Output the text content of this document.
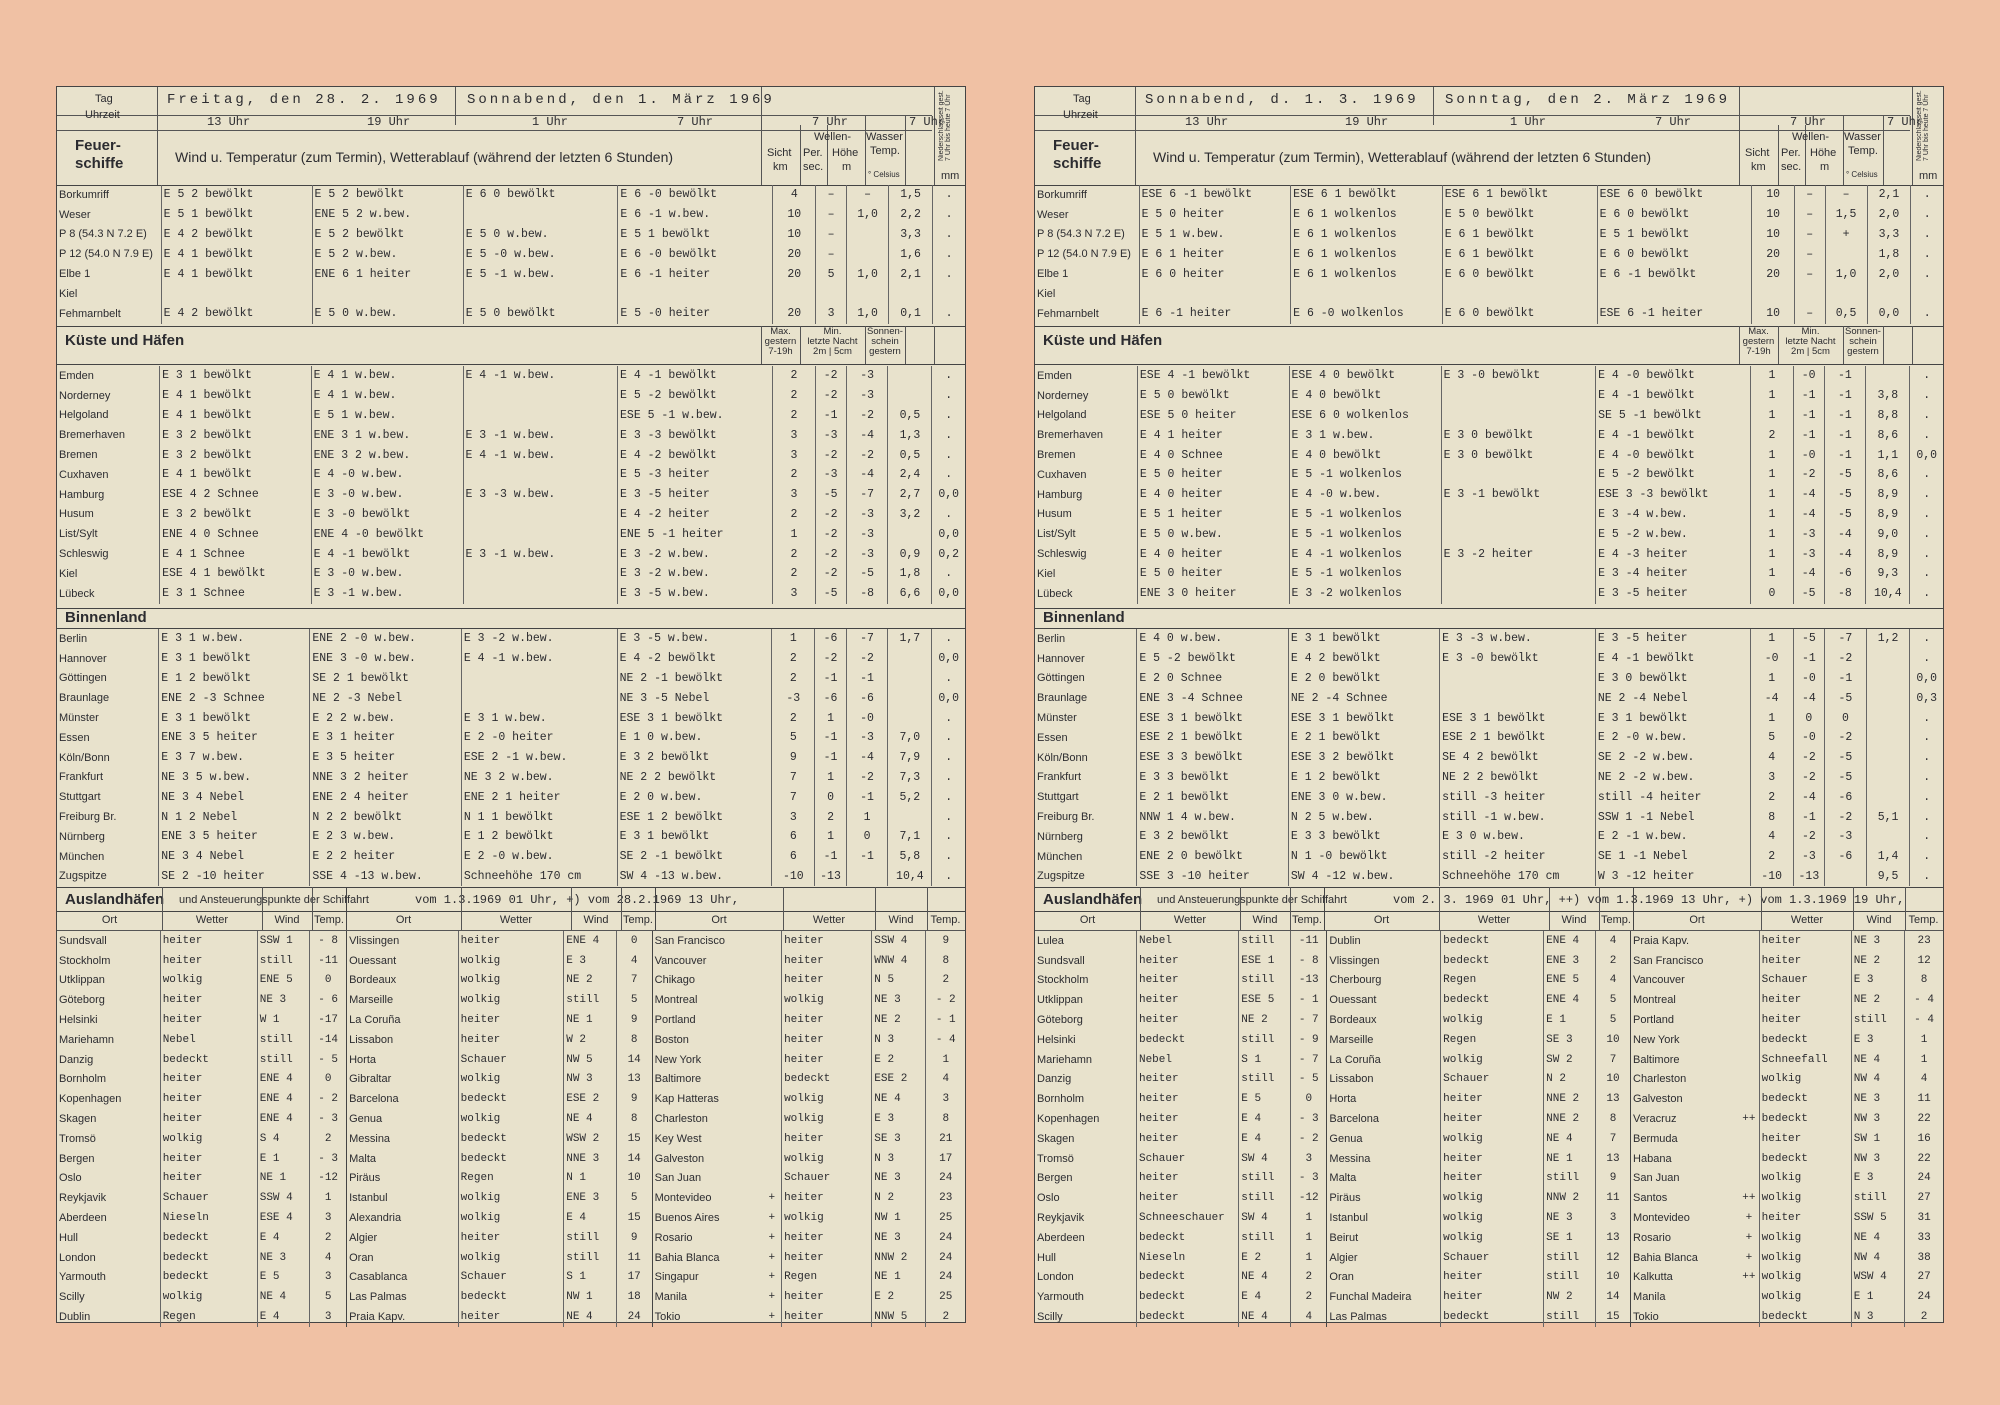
Tag
Uhrzeit
Freitag, den 28. 2. 1969 Sonnabend, den 1. März 1969
13 Uhr	19 Uhr	1 Uhr	7 Uhr	7 Uhr	7 Uhr
Feuer-
schiffe	Wind u. Temperatur (zum Termin), Wetterablauf (während der letzten 6 Stunden)	Sicht
km
Wellen-
Per.
sec.
Höhe
m
Wasser
Temp.
° Celsius
Niederschlag seit gest. 7 Uhr bis heute 7 Uhr
mm
Borkumriff	E 5 2 bewölkt	E 5 2 bewölkt	E 6 0 bewölkt	E 6 -0 bewölkt	4	–	–	1,5	.
Weser	E 5 1 bewölkt	ENE 5 2 w.bew.		E 6 -1 w.bew.	10	–	1,0	2,2	.
P 8 (54.3 N 7.2 E)	E 4 2 bewölkt	E 5 2 bewölkt	E 5 0 w.bew.	E 5 1 bewölkt	10	–		3,3	.
P 12 (54.0 N 7.9 E)	E 4 1 bewölkt	E 5 2 w.bew.	E 5 -0 w.bew.	E 6 -0 bewölkt	20	–		1,6	.
Elbe 1	E 4 1 bewölkt	ENE 6 1 heiter	E 5 -1 w.bew.	E 6 -1 heiter	20	5	1,0	2,1	.
Kiel									
Fehmarnbelt	E 4 2 bewölkt	E 5 0 w.bew.	E 5 0 bewölkt	E 5 -0 heiter	20	3	1,0	0,1	.
Küste und Häfen
Max.
gestern
7-19h
Min.
letzte Nacht
2m | 5cm
Sonnen-
schein
gestern
Emden	E 3 1 bewölkt	E 4 1 w.bew.	E 4 -1 w.bew.	E 4 -1 bewölkt	2	-2	-3		.
Norderney	E 4 1 bewölkt	E 4 1 w.bew.		E 5 -2 bewölkt	2	-2	-3		.
Helgoland	E 4 1 bewölkt	E 5 1 w.bew.		ESE 5 -1 w.bew.	2	-1	-2	0,5	.
Bremerhaven	E 3 2 bewölkt	ENE 3 1 w.bew.	E 3 -1 w.bew.	E 3 -3 bewölkt	3	-3	-4	1,3	.
Bremen	E 3 2 bewölkt	ENE 3 2 w.bew.	E 4 -1 w.bew.	E 4 -2 bewölkt	3	-2	-2	0,5	.
Cuxhaven	E 4 1 bewölkt	E 4 -0 w.bew.		E 5 -3 heiter	2	-3	-4	2,4	.
Hamburg	ESE 4 2 Schnee	E 3 -0 w.bew.	E 3 -3 w.bew.	E 3 -5 heiter	3	-5	-7	2,7	0,0
Husum	E 3 2 bewölkt	E 3 -0 bewölkt		E 4 -2 heiter	2	-2	-3	3,2	.
List/Sylt	ENE 4 0 Schnee	ENE 4 -0 bewölkt		ENE 5 -1 heiter	1	-2	-3		0,0
Schleswig	E 4 1 Schnee	E 4 -1 bewölkt	E 3 -1 w.bew.	E 3 -2 w.bew.	2	-2	-3	0,9	0,2
Kiel	ESE 4 1 bewölkt	E 3 -0 w.bew.		E 3 -2 w.bew.	2	-2	-5	1,8	.
Lübeck	E 3 1 Schnee	E 3 -1 w.bew.		E 3 -5 w.bew.	3	-5	-8	6,6	0,0
Binnenland
Berlin	E 3 1 w.bew.	ENE 2 -0 w.bew.	E 3 -2 w.bew.	E 3 -5 w.bew.	1	-6	-7	1,7	.
Hannover	E 3 1 bewölkt	ENE 3 -0 w.bew.	E 4 -1 w.bew.	E 4 -2 bewölkt	2	-2	-2		0,0
Göttingen	E 1 2 bewölkt	SE 2 1 bewölkt		NE 2 -1 bewölkt	2	-1	-1		.
Braunlage	ENE 2 -3 Schnee	NE 2 -3 Nebel		NE 3 -5 Nebel	-3	-6	-6		0,0
Münster	E 3 1 bewölkt	E 2 2 w.bew.	E 3 1 w.bew.	ESE 3 1 bewölkt	2	1	-0		.
Essen	ENE 3 5 heiter	E 3 1 heiter	E 2 -0 heiter	E 1 0 w.bew.	5	-1	-3	7,0	.
Köln/Bonn	E 3 7 w.bew.	E 3 5 heiter	ESE 2 -1 w.bew.	E 3 2 bewölkt	9	-1	-4	7,9	.
Frankfurt	NE 3 5 w.bew.	NNE 3 2 heiter	NE 3 2 w.bew.	NE 2 2 bewölkt	7	1	-2	7,3	.
Stuttgart	NE 3 4 Nebel	ENE 2 4 heiter	ENE 2 1 heiter	E 2 0 w.bew.	7	0	-1	5,2	.
Freiburg Br.	N 1 2 Nebel	N 2 2 bewölkt	N 1 1 bewölkt	ESE 1 2 bewölkt	3	2	1		.
Nürnberg	ENE 3 5 heiter	E 2 3 w.bew.	E 1 2 bewölkt	E 3 1 bewölkt	6	1	0	7,1	.
München	NE 3 4 Nebel	E 2 2 heiter	E 2 -0 w.bew.	SE 2 -1 bewölkt	6	-1	-1	5,8	.
Zugspitze	SE 2 -10 heiter	SSE 4 -13 w.bew.	Schneehöhe 170 cm	SW 4 -13 w.bew.	-10	-13		10,4	.
Auslandhäfen und Ansteuerungspunkte der Schiffahrt	vom 1.3.1969 01 Uhr, +) vom 28.2.1969 13 Uhr,
Ort	Wetter	Wind	Temp.	Ort	Wetter	Wind	Temp.	Ort	Wetter	Wind	Temp.
Sundsvall	heiter	SSW 1	- 8	Vlissingen	heiter	ENE 4	0	San Francisco		heiter	SSW 4	9
Stockholm	heiter	still	-11	Ouessant	wolkig	E 3	4	Vancouver		heiter	WNW 4	8
Utklippan	wolkig	ENE 5	0	Bordeaux	wolkig	NE 2	7	Chikago		heiter	N 5	2
Göteborg	heiter	NE 3	- 6	Marseille	wolkig	still	5	Montreal		wolkig	NE 3	- 2
Helsinki	heiter	W 1	-17	La Coruña	heiter	NE 1	9	Portland		heiter	NE 2	- 1
Mariehamn	Nebel	still	-14	Lissabon	heiter	W 2	8	Boston		heiter	N 3	- 4
Danzig	bedeckt	still	- 5	Horta	Schauer	NW 5	14	New York		heiter	E 2	1
Bornholm	heiter	ENE 4	0	Gibraltar	wolkig	NW 3	13	Baltimore		bedeckt	ESE 2	4
Kopenhagen	heiter	ENE 4	- 2	Barcelona	bedeckt	ESE 2	9	Kap Hatteras		wolkig	NE 4	3
Skagen	heiter	ENE 4	- 3	Genua	wolkig	NE 4	8	Charleston		wolkig	E 3	8
Tromsö	wolkig	S 4	2	Messina	bedeckt	WSW 2	15	Key West		heiter	SE 3	21
Bergen	heiter	E 1	- 3	Malta	bedeckt	NNE 3	14	Galveston		wolkig	N 3	17
Oslo	heiter	NE 1	-12	Piräus	Regen	N 1	10	San Juan		Schauer	NE 3	24
Reykjavik	Schauer	SSW 4	1	Istanbul	wolkig	ENE 3	5	Montevideo	+	heiter	N 2	23
Aberdeen	Nieseln	ESE 4	3	Alexandria	wolkig	E 4	15	Buenos Aires	+	wolkig	NW 1	25
Hull	bedeckt	E 4	2	Algier	heiter	still	9	Rosario	+	heiter	NE 3	24
London	bedeckt	NE 3	4	Oran	wolkig	still	11	Bahia Blanca	+	heiter	NNW 2	24
Yarmouth	bedeckt	E 5	3	Casablanca	Schauer	S 1	17	Singapur	+	Regen	NE 1	24
Scilly	wolkig	NE 4	5	Las Palmas	bedeckt	NW 1	18	Manila	+	heiter	E 2	25
Dublin	Regen	E 4	3	Praia Kapv.	heiter	NE 4	24	Tokio	+	heiter	NNW 5	2
Tag
Uhrzeit
Sonnabend, d. 1. 3. 1969 Sonntag, den 2. März 1969
13 Uhr	19 Uhr	1 Uhr	7 Uhr	7 Uhr	7 Uhr
Feuer-
schiffe	Wind u. Temperatur (zum Termin), Wetterablauf (während der letzten 6 Stunden)	Sicht
km
Wellen-
Per.
sec.
Höhe
m
Wasser
Temp.
° Celsius
Niederschlag seit gest. 7 Uhr bis heute 7 Uhr
mm
Borkumriff	ESE 6 -1 bewölkt	ESE 6 1 bewölkt	ESE 6 1 bewölkt	ESE 6 0 bewölkt	10	–	–	2,1	.
Weser	E 5 0 heiter	E 6 1 wolkenlos	E 5 0 bewölkt	E 6 0 bewölkt	10	–	1,5	2,0	.
P 8 (54.3 N 7.2 E)	E 5 1 w.bew.	E 6 1 wolkenlos	E 6 1 bewölkt	E 5 1 bewölkt	10	–	+	3,3	.
P 12 (54.0 N 7.9 E)	E 6 1 heiter	E 6 1 wolkenlos	E 6 1 bewölkt	E 6 0 bewölkt	20	–		1,8	.
Elbe 1	E 6 0 heiter	E 6 1 wolkenlos	E 6 0 bewölkt	E 6 -1 bewölkt	20	–	1,0	2,0	.
Kiel									
Fehmarnbelt	E 6 -1 heiter	E 6 -0 wolkenlos	E 6 0 bewölkt	ESE 6 -1 heiter	10	–	0,5	0,0	.
Küste und Häfen
Max.
gestern
7-19h
Min.
letzte Nacht
2m | 5cm
Sonnen-
schein
gestern
Emden	ESE 4 -1 bewölkt	ESE 4 0 bewölkt	E 3 -0 bewölkt	E 4 -0 bewölkt	1	-0	-1		.
Norderney	E 5 0 bewölkt	E 4 0 bewölkt		E 4 -1 bewölkt	1	-1	-1	3,8	.
Helgoland	ESE 5 0 heiter	ESE 6 0 wolkenlos		SE 5 -1 bewölkt	1	-1	-1	8,8	.
Bremerhaven	E 4 1 heiter	E 3 1 w.bew.	E 3 0 bewölkt	E 4 -1 bewölkt	2	-1	-1	8,6	.
Bremen	E 4 0 Schnee	E 4 0 bewölkt	E 3 0 bewölkt	E 4 -0 bewölkt	1	-0	-1	1,1	0,0
Cuxhaven	E 5 0 heiter	E 5 -1 wolkenlos		E 5 -2 bewölkt	1	-2	-5	8,6	.
Hamburg	E 4 0 heiter	E 4 -0 w.bew.	E 3 -1 bewölkt	ESE 3 -3 bewölkt	1	-4	-5	8,9	.
Husum	E 5 1 heiter	E 5 -1 wolkenlos		E 3 -4 w.bew.	1	-4	-5	8,9	.
List/Sylt	E 5 0 w.bew.	E 5 -1 wolkenlos		E 5 -2 w.bew.	1	-3	-4	9,0	.
Schleswig	E 4 0 heiter	E 4 -1 wolkenlos	E 3 -2 heiter	E 4 -3 heiter	1	-3	-4	8,9	.
Kiel	E 5 0 heiter	E 5 -1 wolkenlos		E 3 -4 heiter	1	-4	-6	9,3	.
Lübeck	ENE 3 0 heiter	E 3 -2 wolkenlos		E 3 -5 heiter	0	-5	-8	10,4	.
Binnenland
Berlin	E 4 0 w.bew.	E 3 1 bewölkt	E 3 -3 w.bew.	E 3 -5 heiter	1	-5	-7	1,2	.
Hannover	E 5 -2 bewölkt	E 4 2 bewölkt	E 3 -0 bewölkt	E 4 -1 bewölkt	-0	-1	-2		.
Göttingen	E 2 0 Schnee	E 2 0 bewölkt		E 3 0 bewölkt	1	-0	-1		0,0
Braunlage	ENE 3 -4 Schnee	NE 2 -4 Schnee		NE 2 -4 Nebel	-4	-4	-5		0,3
Münster	ESE 3 1 bewölkt	ESE 3 1 bewölkt	ESE 3 1 bewölkt	E 3 1 bewölkt	1	0	0		.
Essen	ESE 2 1 bewölkt	E 2 1 bewölkt	ESE 2 1 bewölkt	E 2 -0 w.bew.	5	-0	-2		.
Köln/Bonn	ESE 3 3 bewölkt	ESE 3 2 bewölkt	SE 4 2 bewölkt	SE 2 -2 w.bew.	4	-2	-5		.
Frankfurt	E 3 3 bewölkt	E 1 2 bewölkt	NE 2 2 bewölkt	NE 2 -2 w.bew.	3	-2	-5		.
Stuttgart	E 2 1 bewölkt	ENE 3 0 w.bew.	still -3 heiter	still -4 heiter	2	-4	-6		.
Freiburg Br.	NNW 1 4 w.bew.	N 2 5 w.bew.	still -1 w.bew.	SSW 1 -1 Nebel	8	-1	-2	5,1	.
Nürnberg	E 3 2 bewölkt	E 3 3 bewölkt	E 3 0 w.bew.	E 2 -1 w.bew.	4	-2	-3		.
München	ENE 2 0 bewölkt	N 1 -0 bewölkt	still -2 heiter	SE 1 -1 Nebel	2	-3	-6	1,4	.
Zugspitze	SSE 3 -10 heiter	SW 4 -12 w.bew.	Schneehöhe 170 cm	W 3 -12 heiter	-10	-13		9,5	.
Auslandhäfen und Ansteuerungspunkte der Schiffahrt	vom 2. 3. 1969 01 Uhr, ++) vom 1.3.1969 13 Uhr, +) vom 1.3.1969 19 Uhr,
Ort	Wetter	Wind	Temp.	Ort	Wetter	Wind	Temp.	Ort	Wetter	Wind	Temp.
Lulea	Nebel	still	-11	Dublin	bedeckt	ENE 4	4	Praia Kapv.		heiter	NE 3	23
Sundsvall	heiter	ESE 1	- 8	Vlissingen	bedeckt	ENE 3	2	San Francisco		heiter	NE 2	12
Stockholm	heiter	still	-13	Cherbourg	Regen	ENE 5	4	Vancouver		Schauer	E 3	8
Utklippan	heiter	ESE 5	- 1	Ouessant	bedeckt	ENE 4	5	Montreal		heiter	NE 2	- 4
Göteborg	heiter	NE 2	- 7	Bordeaux	wolkig	E 1	5	Portland		heiter	still	- 4
Helsinki	bedeckt	still	- 9	Marseille	Regen	SE 3	10	New York		bedeckt	E 3	1
Mariehamn	Nebel	S 1	- 7	La Coruña	wolkig	SW 2	7	Baltimore		Schneefall	NE 4	1
Danzig	heiter	still	- 5	Lissabon	Schauer	N 2	10	Charleston		wolkig	NW 4	4
Bornholm	heiter	E 5	0	Horta	heiter	NNE 2	13	Galveston		bedeckt	NE 3	11
Kopenhagen	heiter	E 4	- 3	Barcelona	heiter	NNE 2	8	Veracruz	++	bedeckt	NW 3	22
Skagen	heiter	E 4	- 2	Genua	wolkig	NE 4	7	Bermuda		heiter	SW 1	16
Tromsö	Schauer	SW 4	3	Messina	heiter	NE 1	13	Habana		bedeckt	NW 3	22
Bergen	heiter	still	- 3	Malta	heiter	still	9	San Juan		wolkig	E 3	24
Oslo	heiter	still	-12	Piräus	wolkig	NNW 2	11	Santos	++	wolkig	still	27
Reykjavik	Schneeschauer	SW 4	1	Istanbul	wolkig	NE 3	3	Montevideo	+	heiter	SSW 5	31
Aberdeen	bedeckt	still	1	Beirut	wolkig	SE 1	13	Rosario	+	wolkig	NE 4	33
Hull	Nieseln	E 2	1	Algier	Schauer	still	12	Bahia Blanca	+	wolkig	NW 4	38
London	bedeckt	NE 4	2	Oran	heiter	still	10	Kalkutta	++	wolkig	WSW 4	27
Yarmouth	bedeckt	E 4	2	Funchal Madeira	heiter	NW 2	14	Manila		wolkig	E 1	24
Scilly	bedeckt	NE 4	4	Las Palmas	bedeckt	still	15	Tokio		bedeckt	N 3	2
